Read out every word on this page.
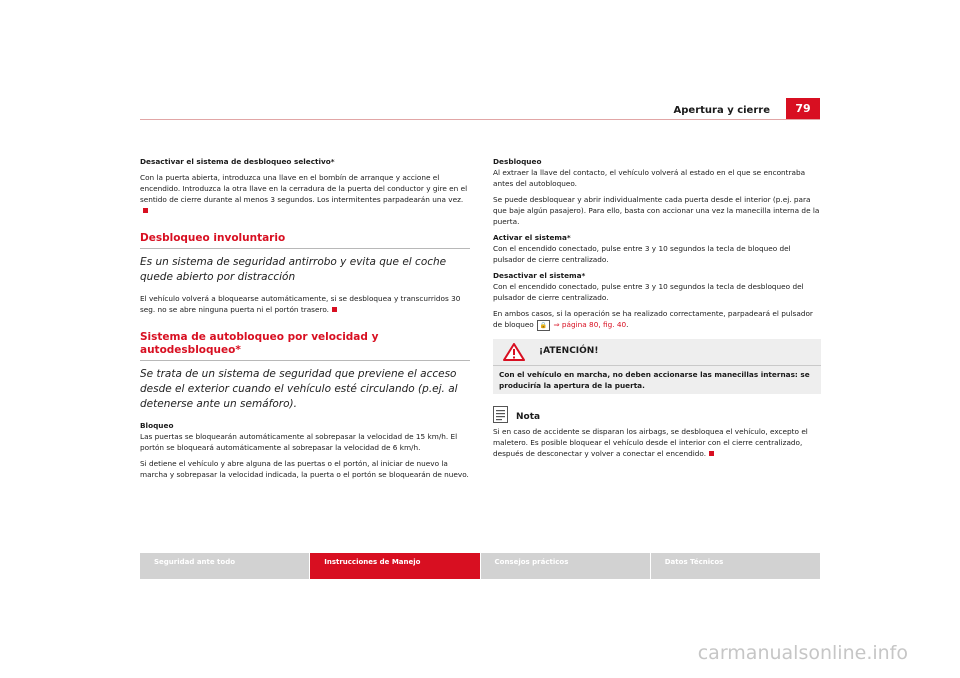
Apertura y cierre	79

Desactivar el sistema de desbloqueo selectivo*

Con la puerta abierta, introduzca una llave en el bombín de arranque y accione el encendido. Introduzca la otra llave en la cerradura de la puerta del conductor y gire en el sentido de cierre durante al menos 3 segundos. Los intermitentes parpadearán una vez.

Desbloqueo involuntario
Es un sistema de seguridad antirrobo y evita que el coche quede abierto por distracción

El vehículo volverá a bloquearse automáticamente, si se desbloquea y transcurridos 30 seg. no se abre ninguna puerta ni el portón trasero.

Sistema de autobloqueo por velocidad y autodesbloqueo*
Se trata de un sistema de seguridad que previene el acceso desde el exterior cuando el vehículo esté circulando (p.ej. al detenerse ante un semáforo).

Bloqueo

Las puertas se bloquearán automáticamente al sobrepasar la velocidad de 15 km/h. El portón se bloqueará automáticamente al sobrepasar la velocidad de 6 km/h.

Si detiene el vehículo y abre alguna de las puertas o el portón, al iniciar de nuevo la marcha y sobrepasar la velocidad indicada, la puerta o el portón se bloquearán de nuevo.

Desbloqueo

Al extraer la llave del contacto, el vehículo volverá al estado en el que se encontraba antes del autobloqueo.

Se puede desbloquear y abrir individualmente cada puerta desde el interior (p.ej. para que baje algún pasajero). Para ello, basta con accionar una vez la manecilla interna de la puerta.

Activar el sistema*

Con el encendido conectado, pulse entre 3 y 10 segundos la tecla de bloqueo del pulsador de cierre centralizado.

Desactivar el sistema*

Con el encendido conectado, pulse entre 3 y 10 segundos la tecla de desbloqueo del pulsador de cierre centralizado.

En ambos casos, si la operación se ha realizado correctamente, parpadeará el pulsador de bloqueo 🔒 ⇒ página 80, fig. 40.

¡ATENCIÓN!
Con el vehículo en marcha, no deben accionarse las manecillas internas: se produciría la apertura de la puerta.
Nota

Si en caso de accidente se disparan los airbags, se desbloquea el vehículo, excepto el maletero. Es posible bloquear el vehículo desde el interior con el cierre centralizado, después de desconectar y volver a conectar el encendido.

Seguridad ante todo	Instrucciones de Manejo	Consejos prácticos	Datos Técnicos
carmanualsonline.info
